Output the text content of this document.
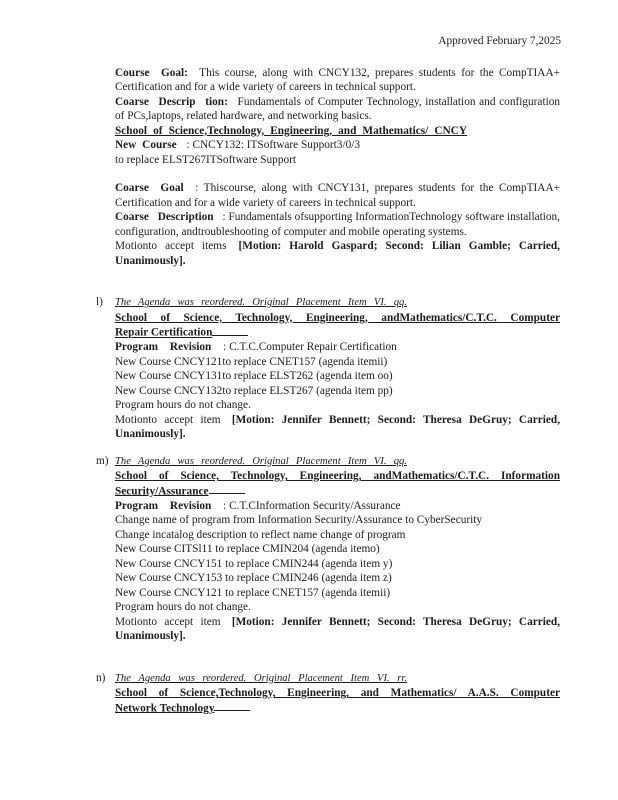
Approved February 7,2025

Course Goal: This course, along with CNCY132, prepares students for the CompTIAA+ Certification and for a wide variety of careers in technical support.

Coarse Descrip tion: Fundamentals of Computer Technology, installation and configuration of PCs,laptops, related hardware, and networking basics.

School of Science,Technology, Engineering, and Mathematics/ CNCY

New Course : CNCY132: ITSoftware Support3/0/3

to replace ELST267ITSoftware Support

Coarse Goal : Thiscourse, along with CNCY131, prepares students for the CompTIAA+ Certification and for a wide variety of careers in technical support.

Coarse Description : Fundamentals ofsupporting InformationTechnology software installation, configuration, andtroubleshooting of computer and mobile operating systems.

Motionto accept items [Motion: Harold Gaspard; Second: Lilian Gamble; Carried, Unanimously].

l) The Agenda was reordered. Original Placement Item VI. qq.
School of Science, Technology, Engineering, andMathematics/C.T.C. Computer
Repair Certification

Program Revision : C.T.C.Computer Repair Certification

New Course CNCY121to replace CNET157 (agenda itemii)
New Course CNCY131to replace ELST262 (agenda item oo)
New Course CNCY132to replace ELST267 (agenda item pp)
Program hours do not change.

Motionto accept item [Motion: Jennifer Bennett; Second: Theresa DeGruy; Carried, Unanimously].

m) The Agenda was reordered. Original Placement Item VI. qq.
School of Science, Technology, Engineering, andMathematics/C.T.C. Information
Security/Assurance

Program Revision : C.T.CInformation Security/Assurance

Change name of program from Information Security/Assurance to CyberSecurity
Change incatalog description to reflect name change of program
New Course CITSl11 to replace CMIN204 (agenda itemo)
New Course CNCY151 to replace CMIN244 (agenda item y)
New Course CNCY153 to replace CMIN246 (agenda item z)
New Course CNCY121 to replace CNET157 (agenda itemii)
Program hours do not change.

Motionto accept item [Motion: Jennifer Bennett; Second: Theresa DeGruy; Carried, Unanimously].

n) The Agenda was reordered. Original Placement Item VI. rr.
School of Science,Technology, Engineering, and Mathematics/ A.A.S. Computer
Network Technology
